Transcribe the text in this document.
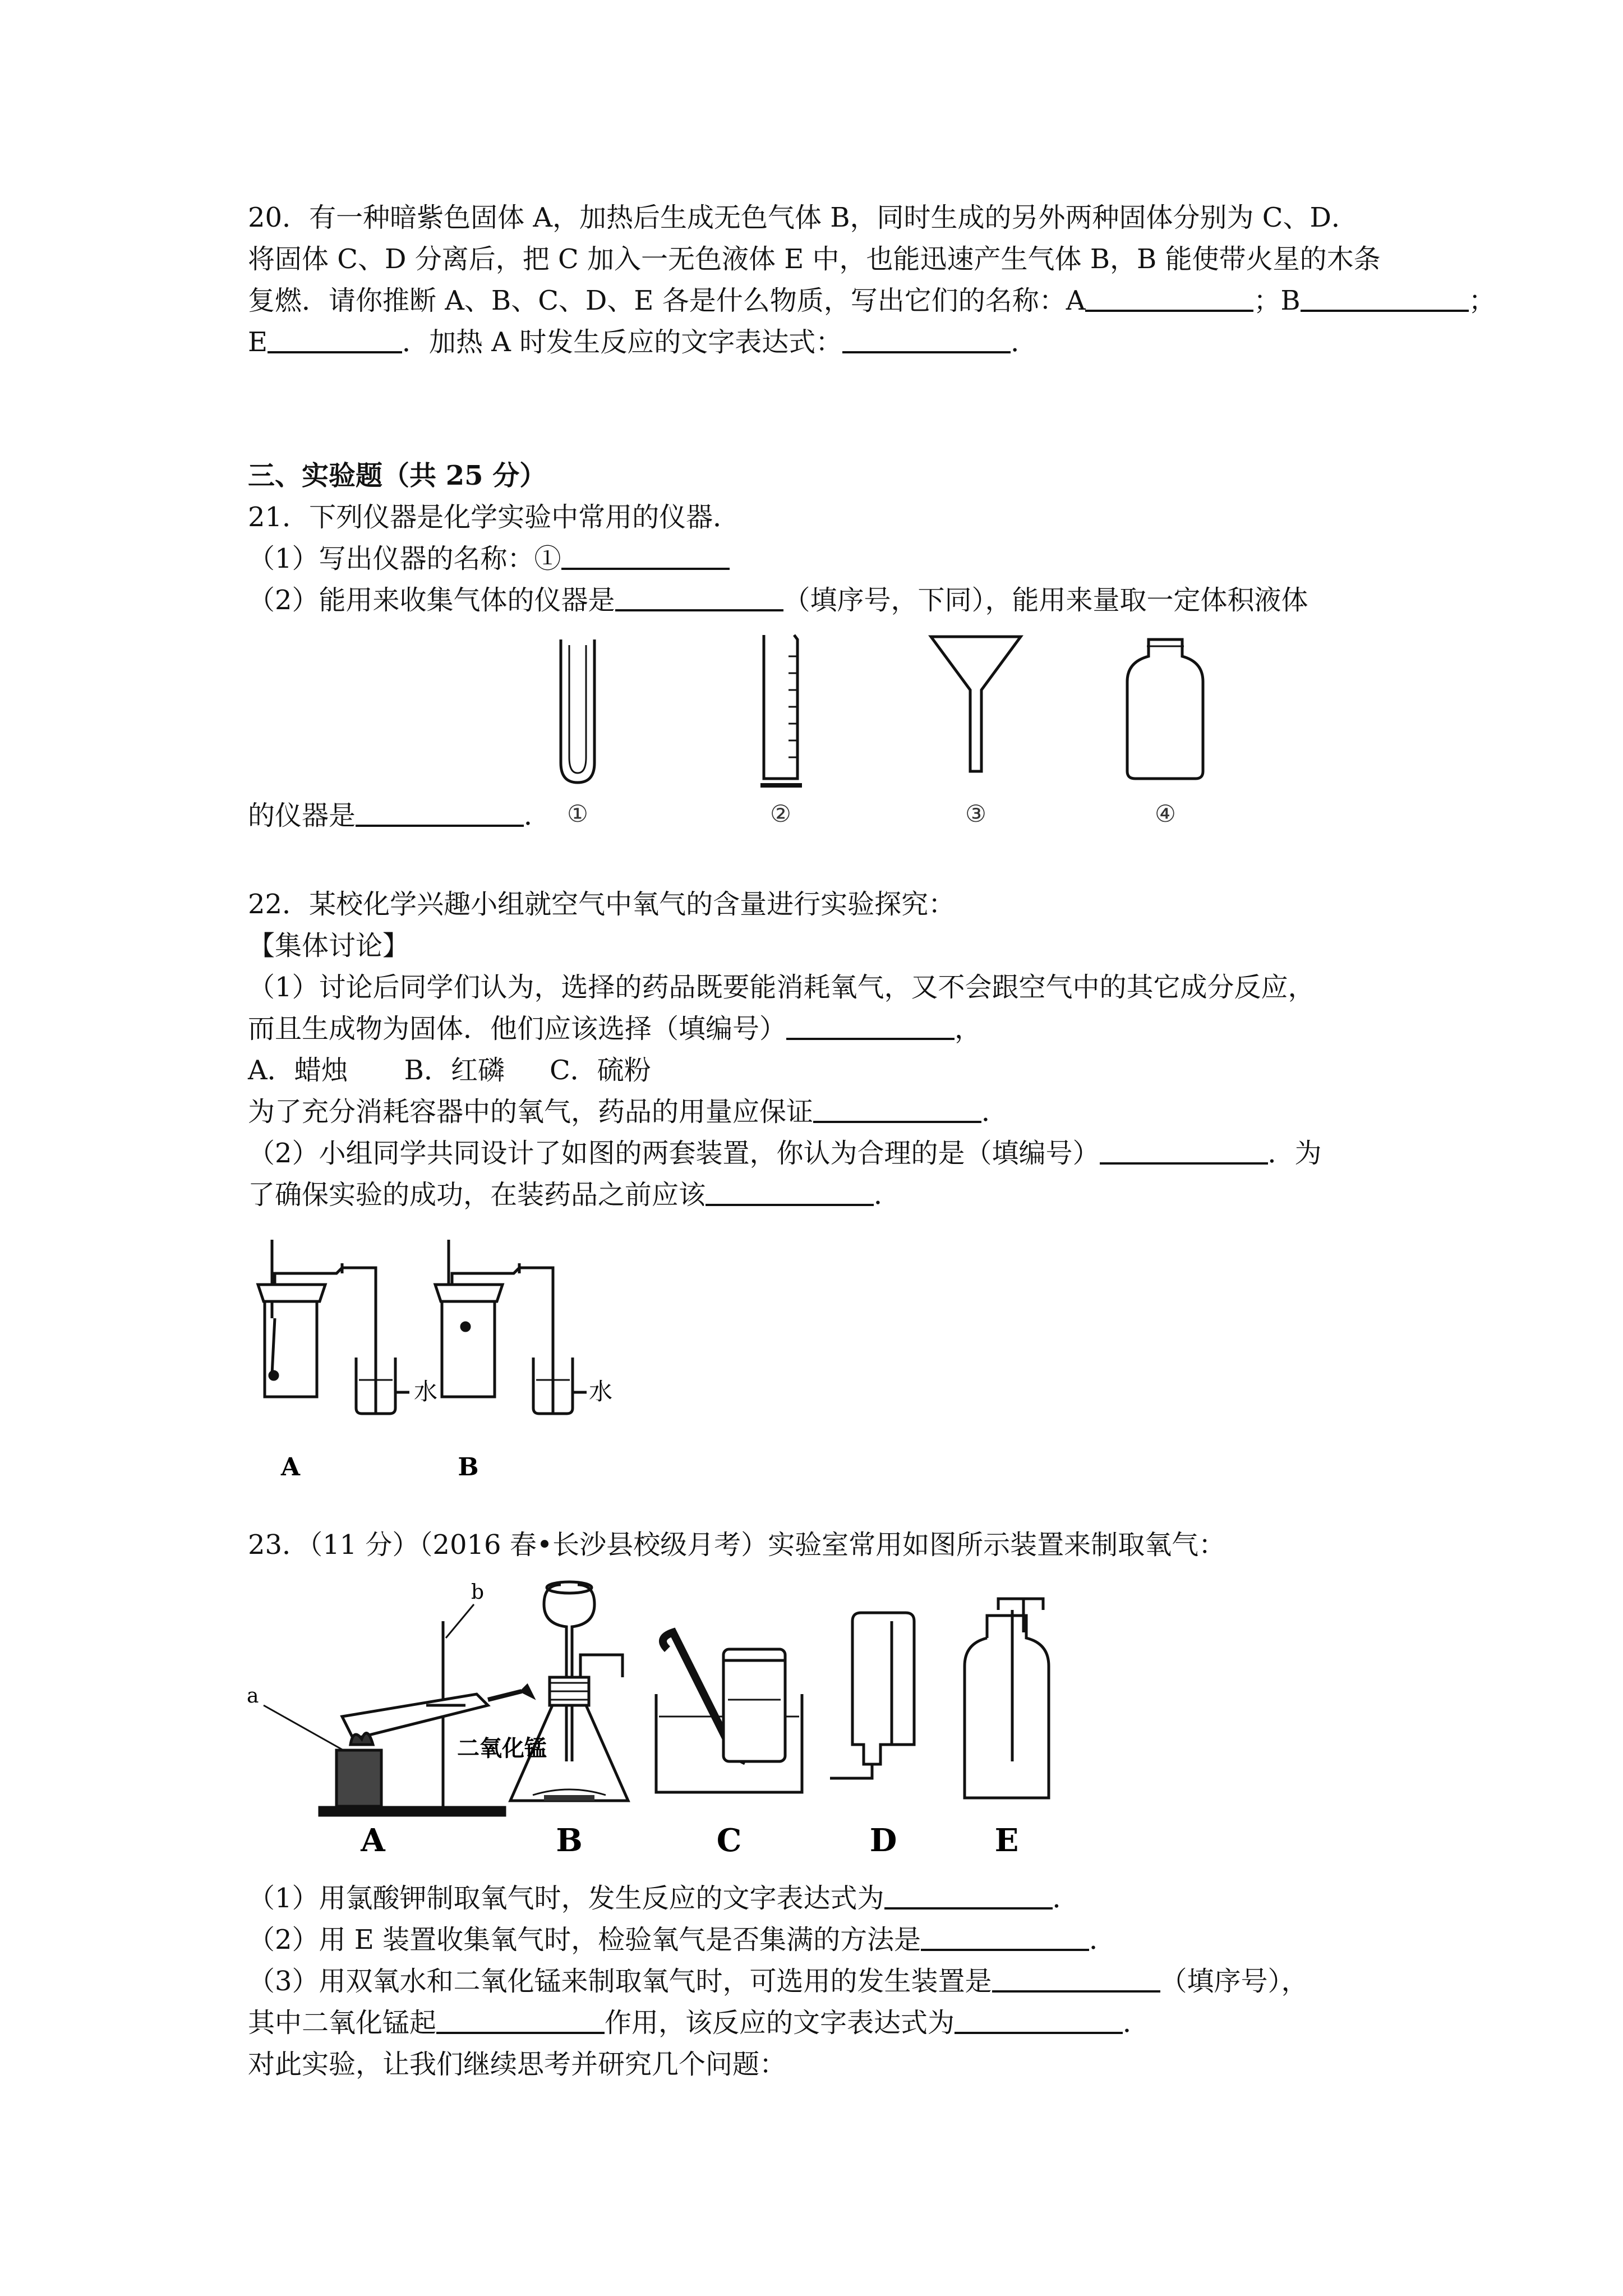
20．有一种暗紫色固体 A，加热后生成无色气体 B，同时生成的另外两种固体分别为 C、D．
将固体 C、D 分离后，把 C 加入一无色液体 E 中，也能迅速产生气体 B，B 能使带火星的木条
复燃．请你推断 A、B、C、D、E 各是什么物质，写出它们的名称：A	；B	；
E	．加热 A 时发生反应的文字表达式：	．
三、实验题（共 25 分）
21．下列仪器是化学实验中常用的仪器．
（1）写出仪器的名称：①
（2）能用来收集气体的仪器是	（填序号，下同），能用来量取一定体积液体
①	②	③	④
的仪器是	．
22．某校化学兴趣小组就空气中氧气的含量进行实验探究：
【集体讨论】
（1）讨论后同学们认为，选择的药品既要能消耗氧气，又不会跟空气中的其它成分反应，
而且生成物为固体．他们应该选择（填编号）	，
A．蜡烛 B．红磷 C．硫粉
为了充分消耗容器中的氧气，药品的用量应保证	．
（2）小组同学共同设计了如图的两套装置，你认为合理的是（填编号）	．为
了确保实验的成功，在装药品之前应该	．
水	水
A	B
23．（11 分）（2016 春•长沙县校级月考）实验室常用如图所示装置来制取氧气：
b
a
二氧化锰
A	B	C	D	E
（1）用氯酸钾制取氧气时，发生反应的文字表达式为	．
（2）用 E 装置收集氧气时，检验氧气是否集满的方法是	．
（3）用双氧水和二氧化锰来制取氧气时，可选用的发生装置是	（填序号），
其中二氧化锰起	作用，该反应的文字表达式为	．
对此实验，让我们继续思考并研究几个问题：
